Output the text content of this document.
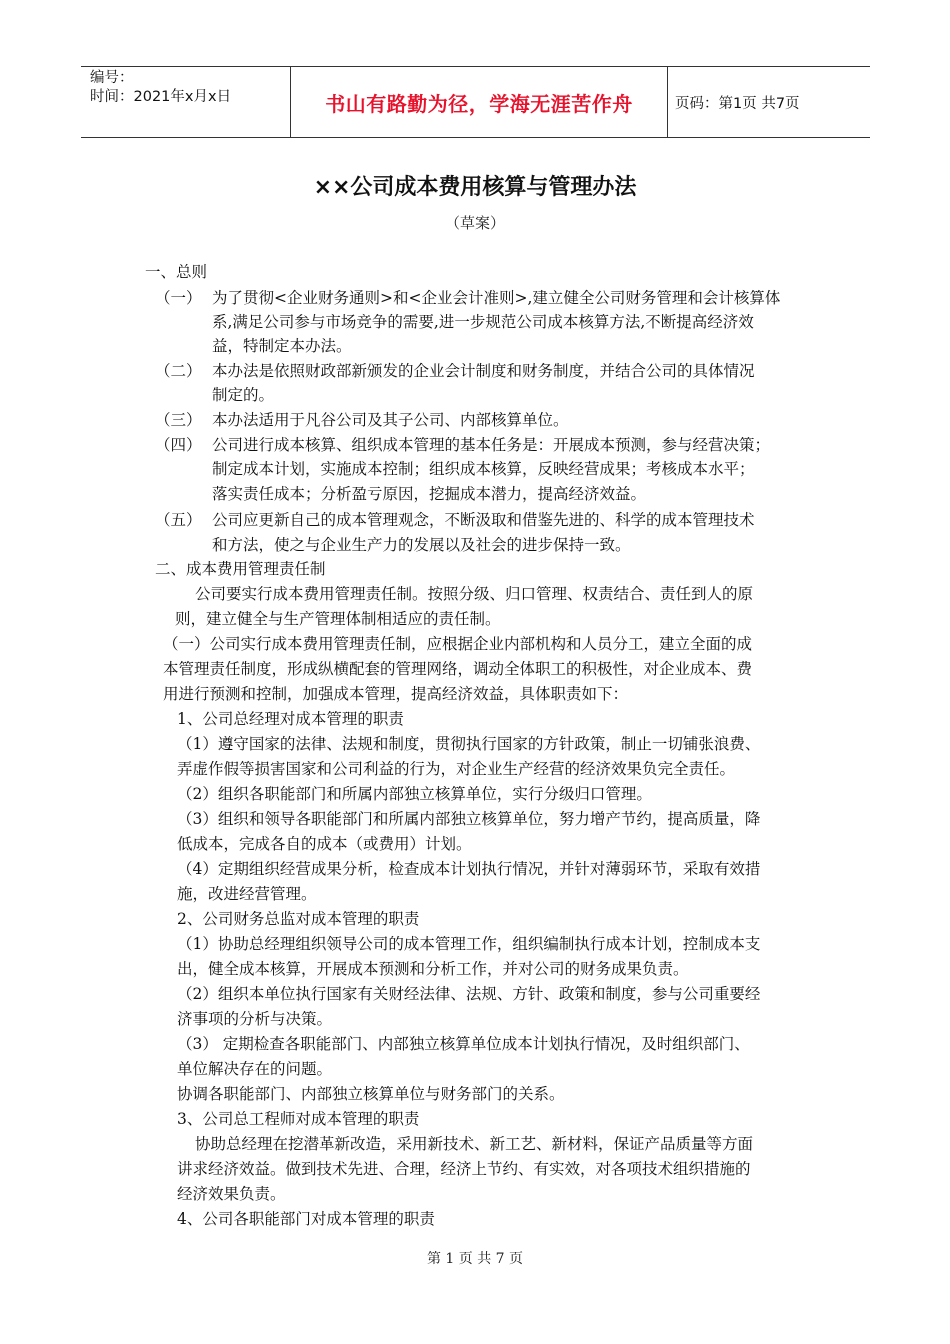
编号：
时间：2021年x月x日	书山有路勤为径，学海无涯苦作舟	页码：第1页 共7页
××公司成本费用核算与管理办法
（草案）
一、总则
（一） 为了贯彻<企业财务通则>和<企业会计准则>,建立健全公司财务管理和会计核算体
系,满足公司参与市场竞争的需要,进一步规范公司成本核算方法,不断提高经济效
益，特制定本办法。
（二） 本办法是依照财政部新颁发的企业会计制度和财务制度，并结合公司的具体情况
制定的。
（三） 本办法适用于凡谷公司及其子公司、内部核算单位。
（四） 公司进行成本核算、组织成本管理的基本任务是：开展成本预测，参与经营决策；
制定成本计划，实施成本控制；组织成本核算，反映经营成果；考核成本水平；
落实责任成本；分析盈亏原因，挖掘成本潜力，提高经济效益。
（五） 公司应更新自己的成本管理观念，不断汲取和借鉴先进的、科学的成本管理技术
和方法，使之与企业生产力的发展以及社会的进步保持一致。
二、成本费用管理责任制
公司要实行成本费用管理责任制。按照分级、归口管理、权责结合、责任到人的原
则，建立健全与生产管理体制相适应的责任制。
（一）公司实行成本费用管理责任制，应根据企业内部机构和人员分工，建立全面的成
本管理责任制度，形成纵横配套的管理网络，调动全体职工的积极性，对企业成本、费
用进行预测和控制，加强成本管理，提高经济效益，具体职责如下：
1、公司总经理对成本管理的职责
（1）遵守国家的法律、法规和制度，贯彻执行国家的方针政策，制止一切铺张浪费、
弄虚作假等损害国家和公司利益的行为，对企业生产经营的经济效果负完全责任。
（2）组织各职能部门和所属内部独立核算单位，实行分级归口管理。
（3）组织和领导各职能部门和所属内部独立核算单位，努力增产节约，提高质量，降
低成本，完成各自的成本（或费用）计划。
（4）定期组织经营成果分析，检查成本计划执行情况，并针对薄弱环节，采取有效措
施，改进经营管理。
2、公司财务总监对成本管理的职责
（1）协助总经理组织领导公司的成本管理工作，组织编制执行成本计划，控制成本支
出，健全成本核算，开展成本预测和分析工作，并对公司的财务成果负责。
（2）组织本单位执行国家有关财经法律、法规、方针、政策和制度，参与公司重要经
济事项的分析与决策。
（3） 定期检查各职能部门、内部独立核算单位成本计划执行情况，及时组织部门、
单位解决存在的问题。
协调各职能部门、内部独立核算单位与财务部门的关系。
3、公司总工程师对成本管理的职责
协助总经理在挖潜革新改造，采用新技术、新工艺、新材料，保证产品质量等方面
讲求经济效益。做到技术先进、合理，经济上节约、有实效，对各项技术组织措施的
经济效果负责。
4、公司各职能部门对成本管理的职责
第 1 页 共 7 页
